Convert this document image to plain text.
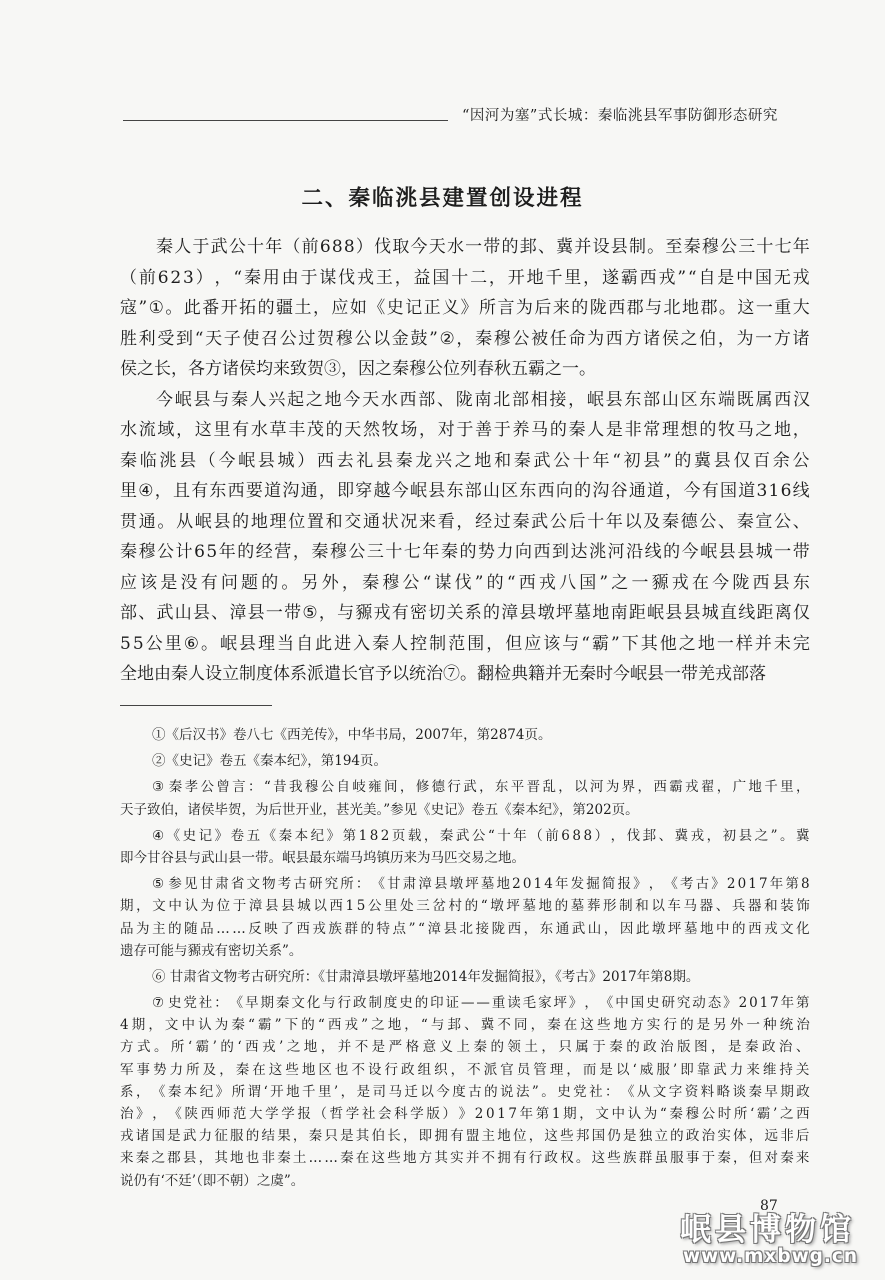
“因河为塞”式长城：秦临洮县军事防御形态研究
二、秦临洮县建置创设进程
秦 人 于 武 公 十 年 （ 前 6 8 8 ） 伐 取 今 天 水 一 带 的 邽 、 冀 并 设 县 制 。 至 秦 穆 公 三 十 七 年
（ 前 6 2 3 ） ， “ 秦 用 由 于 谋 伐 戎 王 ， 益 国 十 二 ， 开 地 千 里 ， 遂 霸 西 戎 ” “ 自 是 中 国 无 戎
寇 ” ① 。 此 番 开 拓 的 疆 土 ， 应 如 《 史 记 正 义 》 所 言 为 后 来 的 陇 西 郡 与 北 地 郡 。 这 一 重 大
胜 利 受 到 “ 天 子 使 召 公 过 贺 穆 公 以 金 鼓 ” ② ， 秦 穆 公 被 任 命 为 西 方 诸 侯 之 伯 ， 为 一 方 诸
侯之长，各方诸侯均来致贺③，因之秦穆公位列春秋五霸之一。
今 岷 县 与 秦 人 兴 起 之 地 今 天 水 西 部 、 陇 南 北 部 相 接 ， 岷 县 东 部 山 区 东 端 既 属 西 汉
水 流 域 ， 这 里 有 水 草 丰 茂 的 天 然 牧 场 ， 对 于 善 于 养 马 的 秦 人 是 非 常 理 想 的 牧 马 之 地 ，
秦 临 洮 县 （ 今 岷 县 城 ） 西 去 礼 县 秦 龙 兴 之 地 和 秦 武 公 十 年 “ 初 县 ” 的 冀 县 仅 百 余 公
里 ④ ， 且 有 东 西 要 道 沟 通 ， 即 穿 越 今 岷 县 东 部 山 区 东 西 向 的 沟 谷 通 道 ， 今 有 国 道 3 1 6 线
贯 通 。 从 岷 县 的 地 理 位 置 和 交 通 状 况 来 看 ， 经 过 秦 武 公 后 十 年 以 及 秦 德 公 、 秦 宣 公 、
秦 穆 公 计 6 5 年 的 经 营 ， 秦 穆 公 三 十 七 年 秦 的 势 力 向 西 到 达 洮 河 沿 线 的 今 岷 县 县 城 一 带
应 该 是 没 有 问 题 的 。 另 外 ， 秦 穆 公 “ 谋 伐 ” 的 “ 西 戎 八 国 ” 之 一 豲 戎 在 今 陇 西 县 东
部 、 武 山 县 、 漳 县 一 带 ⑤ ， 与 豲 戎 有 密 切 关 系 的 漳 县 墩 坪 墓 地 南 距 岷 县 县 城 直 线 距 离 仅
5 5 公 里 ⑥ 。 岷 县 理 当 自 此 进 入 秦 人 控 制 范 围 ， 但 应 该 与 “ 霸 ” 下 其 他 之 地 一 样 并 未 完
全地由秦人设立制度体系派遣长官予以统治⑦。翻检典籍并无秦时今岷县一带羌戎部落
①《后汉书》卷八七《西羌传》，中华书局，2007年，第2874页。
②《史记》卷五《秦本纪》，第194页。
③ 秦 孝 公 曾 言 ： “ 昔 我 穆 公 自 岐 雍 间 ， 修 德 行 武 ， 东 平 晋 乱 ， 以 河 为 界 ， 西 霸 戎 翟 ， 广 地 千 里 ，
天子致伯，诸侯毕贺，为后世开业，甚光美。”参见《史记》卷五《秦本纪》，第202页。
④ 《 史 记 》 卷 五 《 秦 本 纪 》 第 1 8 2 页 载 ， 秦 武 公 “ 十 年 （ 前 6 8 8 ） ， 伐 邽 、 冀 戎 ， 初 县 之 ” 。 冀
即今甘谷县与武山县一带。岷县最东端马坞镇历来为马匹交易之地。
⑤ 参 见 甘 肃 省 文 物 考 古 研 究 所 ： 《 甘 肃 漳 县 墩 坪 墓 地 2 0 1 4 年 发 掘 简 报 》 ， 《 考 古 》 2 0 1 7 年 第 8
期 ， 文 中 认 为 位 于 漳 县 县 城 以 西 1 5 公 里 处 三 岔 村 的 “ 墩 坪 墓 地 的 墓 葬 形 制 和 以 车 马 器 、 兵 器 和 装 饰
品 为 主 的 随 品 … … 反 映 了 西 戎 族 群 的 特 点 ” “ 漳 县 北 接 陇 西 ， 东 通 武 山 ， 因 此 墩 坪 墓 地 中 的 西 戎 文 化
遗存可能与豲戎有密切关系”。
⑥ 甘肃省文物考古研究所：《甘肃漳县墩坪墓地2014年发掘简报》，《考古》2017年第8期。
⑦ 史 党 社 ： 《 早 期 秦 文 化 与 行 政 制 度 史 的 印 证 — — 重 读 毛 家 坪 》 ， 《 中 国 史 研 究 动 态 》 2 0 1 7 年 第
4 期 ， 文 中 认 为 秦 “ 霸 ” 下 的 “ 西 戎 ” 之 地 ， “ 与 邽 、 冀 不 同 ， 秦 在 这 些 地 方 实 行 的 是 另 外 一 种 统 治
方 式 。 所 ‘ 霸 ’ 的 ‘ 西 戎 ’ 之 地 ， 并 不 是 严 格 意 义 上 秦 的 领 土 ， 只 属 于 秦 的 政 治 版 图 ， 是 秦 政 治 、
军 事 势 力 所 及 ， 秦 在 这 些 地 区 也 不 设 行 政 组 织 ， 不 派 官 员 管 理 ， 而 是 以 ‘ 威 服 ’ 即 靠 武 力 来 维 持 关
系 ， 《 秦 本 纪 》 所 谓 ‘ 开 地 千 里 ’ ， 是 司 马 迁 以 今 度 古 的 说 法 ” 。 史 党 社 ： 《 从 文 字 资 料 略 谈 秦 早 期 政
治 》 ， 《 陕 西 师 范 大 学 学 报 （ 哲 学 社 会 科 学 版 ） 》 2 0 1 7 年 第 1 期 ， 文 中 认 为 “ 秦 穆 公 时 所 ‘ 霸 ’ 之 西
戎 诸 国 是 武 力 征 服 的 结 果 ， 秦 只 是 其 伯 长 ， 即 拥 有 盟 主 地 位 ， 这 些 邦 国 仍 是 独 立 的 政 治 实 体 ， 远 非 后
来 秦 之 郡 县 ， 其 地 也 非 秦 土 … … 秦 在 这 些 地 方 其 实 并 不 拥 有 行 政 权 。 这 些 族 群 虽 服 事 于 秦 ， 但 对 秦 来
说仍有‘不廷’（即不朝）之虞”。
87
岷县博物馆
www.mxbwg.cn
